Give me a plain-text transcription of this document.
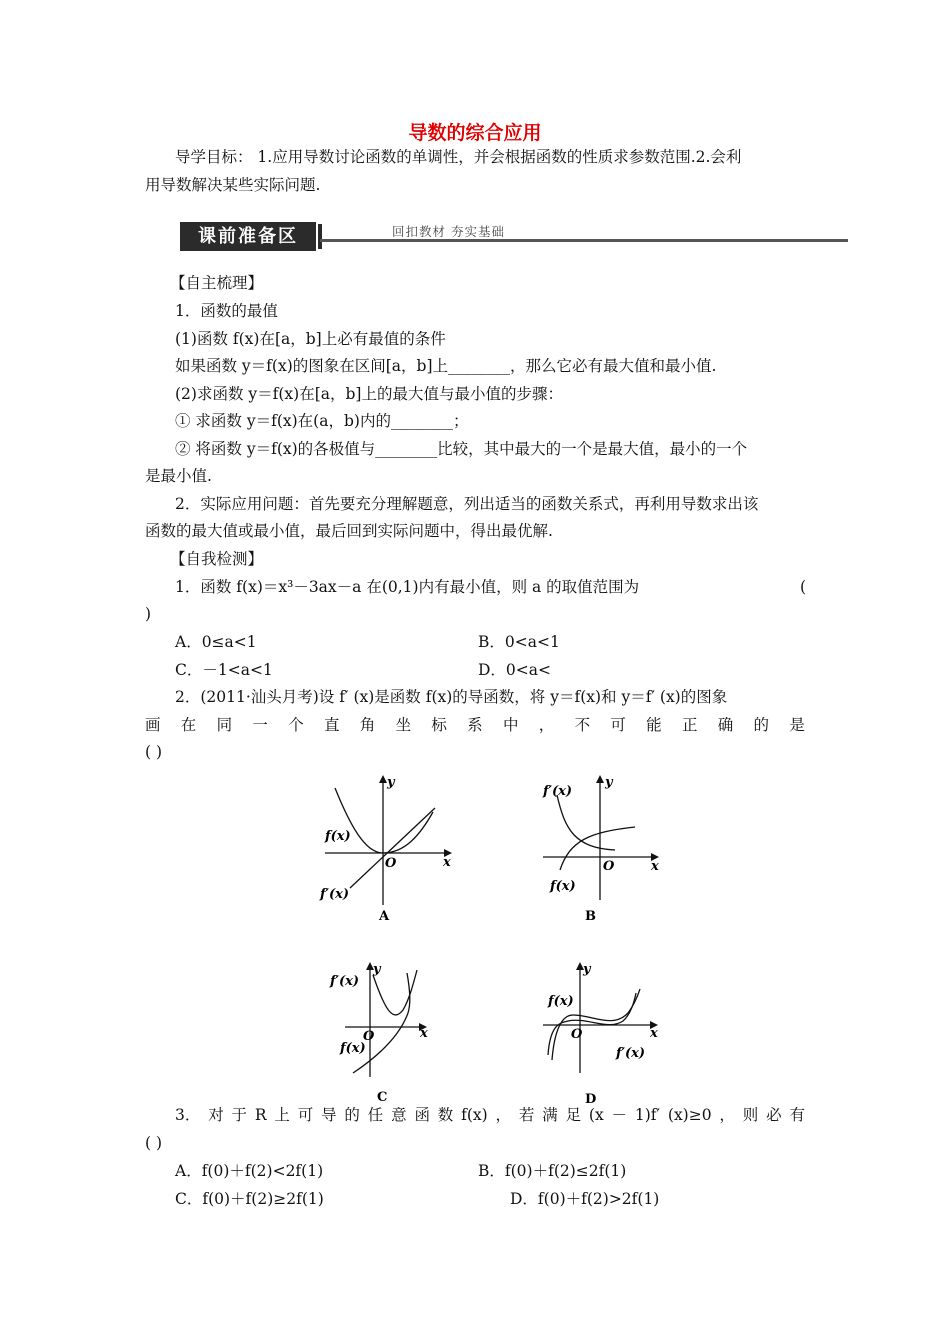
导数的综合应用
导学目标： 1.应用导数讨论函数的单调性，并会根据函数的性质求参数范围.2.会利
用导数解决某些实际问题.
课前准备区	回扣教材 夯实基础
【自主梳理】
1．函数的最值
(1)函数 f(x)在[a，b]上必有最值的条件
如果函数 y＝f(x)的图象在区间[a，b]上________，那么它必有最大值和最小值.
(2)求函数 y＝f(x)在[a，b]上的最大值与最小值的步骤：
① 求函数 y＝f(x)在(a，b)内的________；
② 将函数 y＝f(x)的各极值与________比较，其中最大的一个是最大值，最小的一个
是最小值.
2．实际应用问题：首先要充分理解题意，列出适当的函数关系式，再利用导数求出该
函数的最大值或最小值，最后回到实际问题中，得出最优解.
【自我检测】
1．函数 f(x)＝x³－3ax－a 在(0,1)内有最小值，则 a 的取值范围为	(
)
A．0≤a<1	B．0<a<1
C．－1<a<1	D．0<a<
2．(2011·汕头月考)设 f′ (x)是函数 f(x)的导函数，将 y＝f(x)和 y＝f′ (x)的图象
画 在 同 一 个 直 角 坐 标 系 中 ， 不 可 能 正 确 的 是
( )
y
x
O
f(x)
f′(x)
A
y
x
O
f′(x)
f(x)
B
y
x
O
f′(x)
f(x)
C
y
x
O
f(x)
f′(x)
D
3． 对 于 R 上 可 导 的 任 意 函 数 f(x) ， 若 满 足 (x － 1)f′ (x)≥0 ， 则 必 有
( )
A．f(0)＋f(2)<2f(1)	B．f(0)＋f(2)≤2f(1)
C．f(0)＋f(2)≥2f(1)	D．f(0)＋f(2)>2f(1)
